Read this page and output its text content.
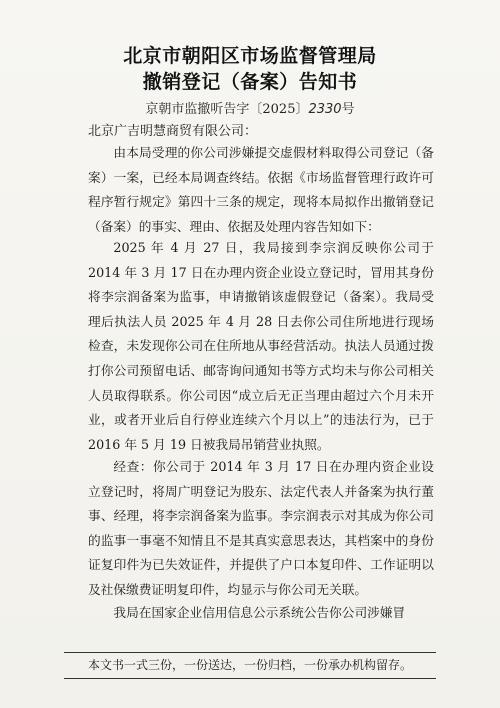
北京市朝阳区市场监督管理局
撤销登记（备案）告知书
京朝市监撤听告字〔2025〕2330号
北京广吉明慧商贸有限公司：
由本局受理的你公司涉嫌提交虚假材料取得公司登记（备案）一案，已经本局调查终结。依据《市场监督管理行政许可程序暂行规定》第四十三条的规定，现将本局拟作出撤销登记（备案）的事实、理由、依据及处理内容告知如下：
2025 年 4 月 27 日，我局接到李宗润反映你公司于 2014 年 3 月 17 日在办理内资企业设立登记时，冒用其身份将李宗润备案为监事，申请撤销该虚假登记（备案）。我局受理后执法人员 2025 年 4 月 28 日去你公司住所地进行现场检查，未发现你公司在住所地从事经营活动。执法人员通过拨打你公司预留电话、邮寄询问通知书等方式均未与你公司相关人员取得联系。你公司因“成立后无正当理由超过六个月未开业，或者开业后自行停业连续六个月以上”的违法行为，已于 2016 年 5 月 19 日被我局吊销营业执照。
经查：你公司于 2014 年 3 月 17 日在办理内资企业设立登记时，将周广明登记为股东、法定代表人并备案为执行董事、经理，将李宗润备案为监事。李宗润表示对其成为你公司的监事一事毫不知情且不是其真实意思表达，其档案中的身份证复印件为已失效证件，并提供了户口本复印件、工作证明以及社保缴费证明复印件，均显示与你公司无关联。
我局在国家企业信用信息公示系统公告你公司涉嫌冒
本文书一式三份，一份送达，一份归档，一份承办机构留存。
